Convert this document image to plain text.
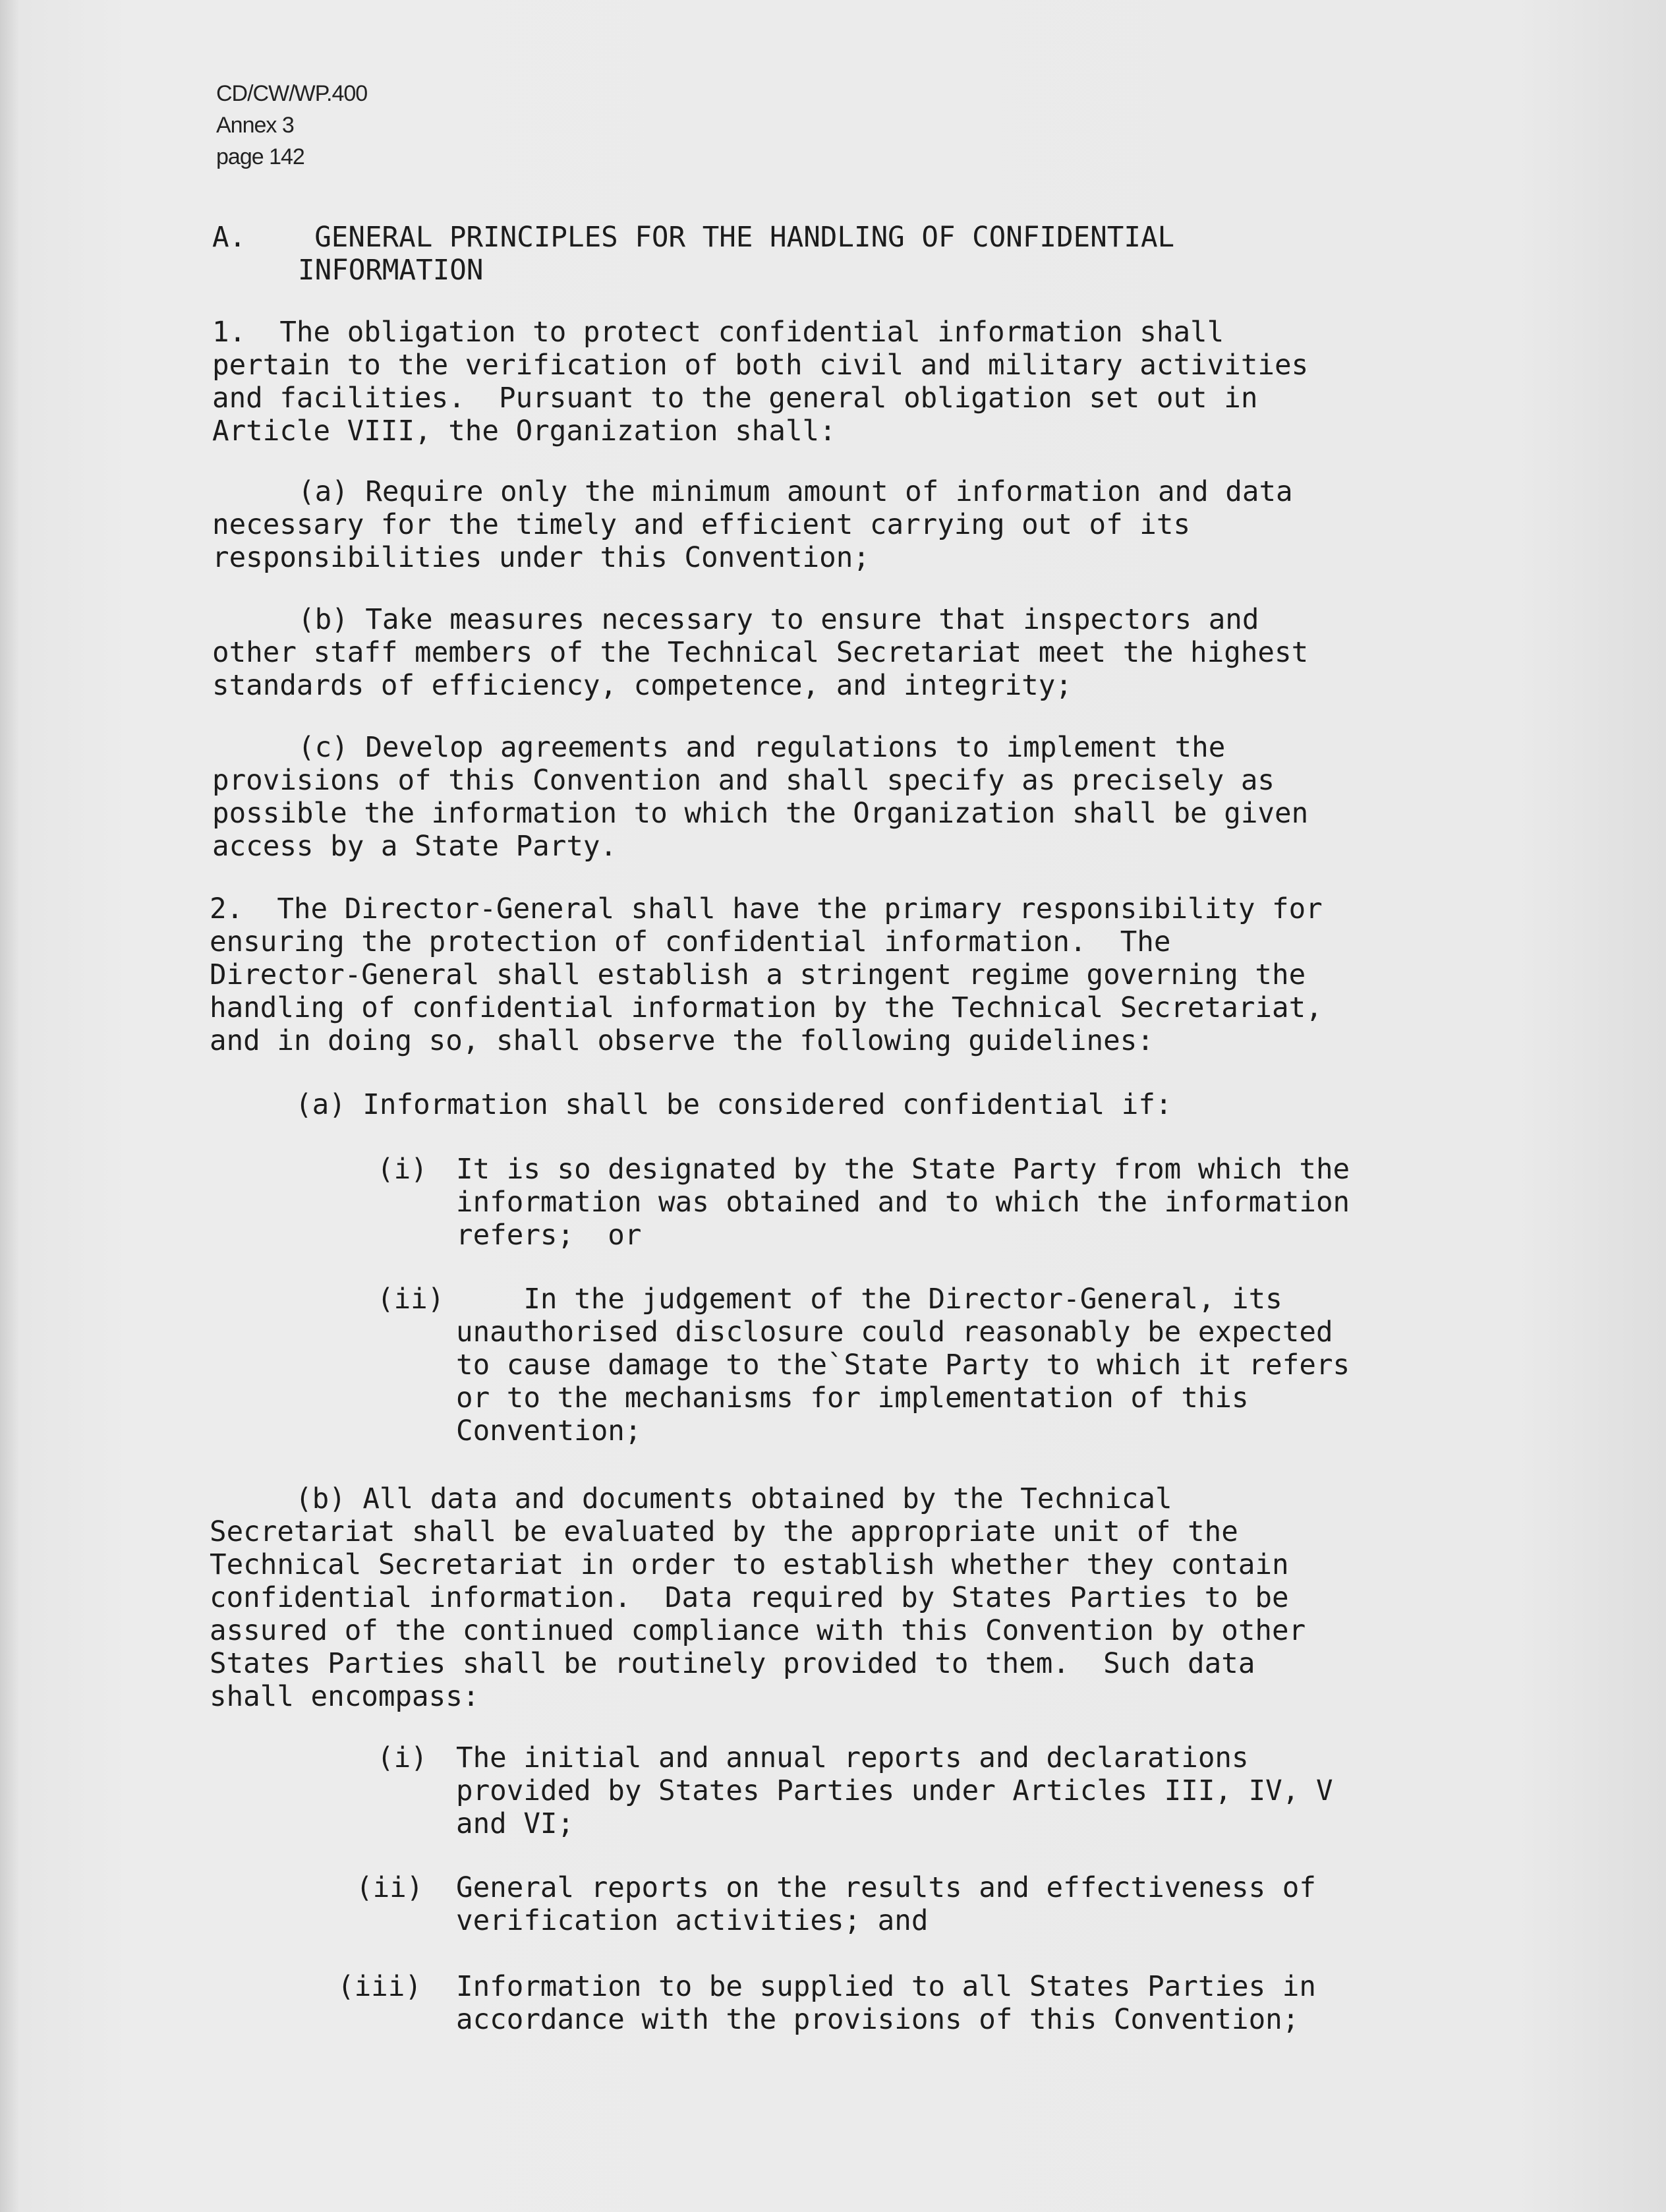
CD/CW/WP.400
Annex 3
page 142
A. GENERAL PRINCIPLES FOR THE HANDLING OF CONFIDENTIAL
INFORMATION
1.  The obligation to protect confidential information shall
pertain to the verification of both civil and military activities
and facilities.  Pursuant to the general obligation set out in
Article VIII, the Organization shall:
(a) Require only the minimum amount of information and data
necessary for the timely and efficient carrying out of its
responsibilities under this Convention;
(b) Take measures necessary to ensure that inspectors and
other staff members of the Technical Secretariat meet the highest
standards of efficiency, competence, and integrity;
(c) Develop agreements and regulations to implement the
provisions of this Convention and shall specify as precisely as
possible the information to which the Organization shall be given
access by a State Party.
2.  The Director-General shall have the primary responsibility for
ensuring the protection of confidential information.  The
Director-General shall establish a stringent regime governing the
handling of confidential information by the Technical Secretariat,
and in doing so, shall observe the following guidelines:
(a) Information shall be considered confidential if:
(i) It is so designated by the State Party from which the
information was obtained and to which the information
refers;  or
(ii) In the judgement of the Director-General, its
unauthorised disclosure could reasonably be expected
to cause damage to the`State Party to which it refers
or to the mechanisms for implementation of this
Convention;
(b) All data and documents obtained by the Technical
Secretariat shall be evaluated by the appropriate unit of the
Technical Secretariat in order to establish whether they contain
confidential information.  Data required by States Parties to be
assured of the continued compliance with this Convention by other
States Parties shall be routinely provided to them.  Such data
shall encompass:
(i) The initial and annual reports and declarations
provided by States Parties under Articles III, IV, V
and VI;
(ii) General reports on the results and effectiveness of
verification activities; and
(iii) Information to be supplied to all States Parties in
accordance with the provisions of this Convention;
